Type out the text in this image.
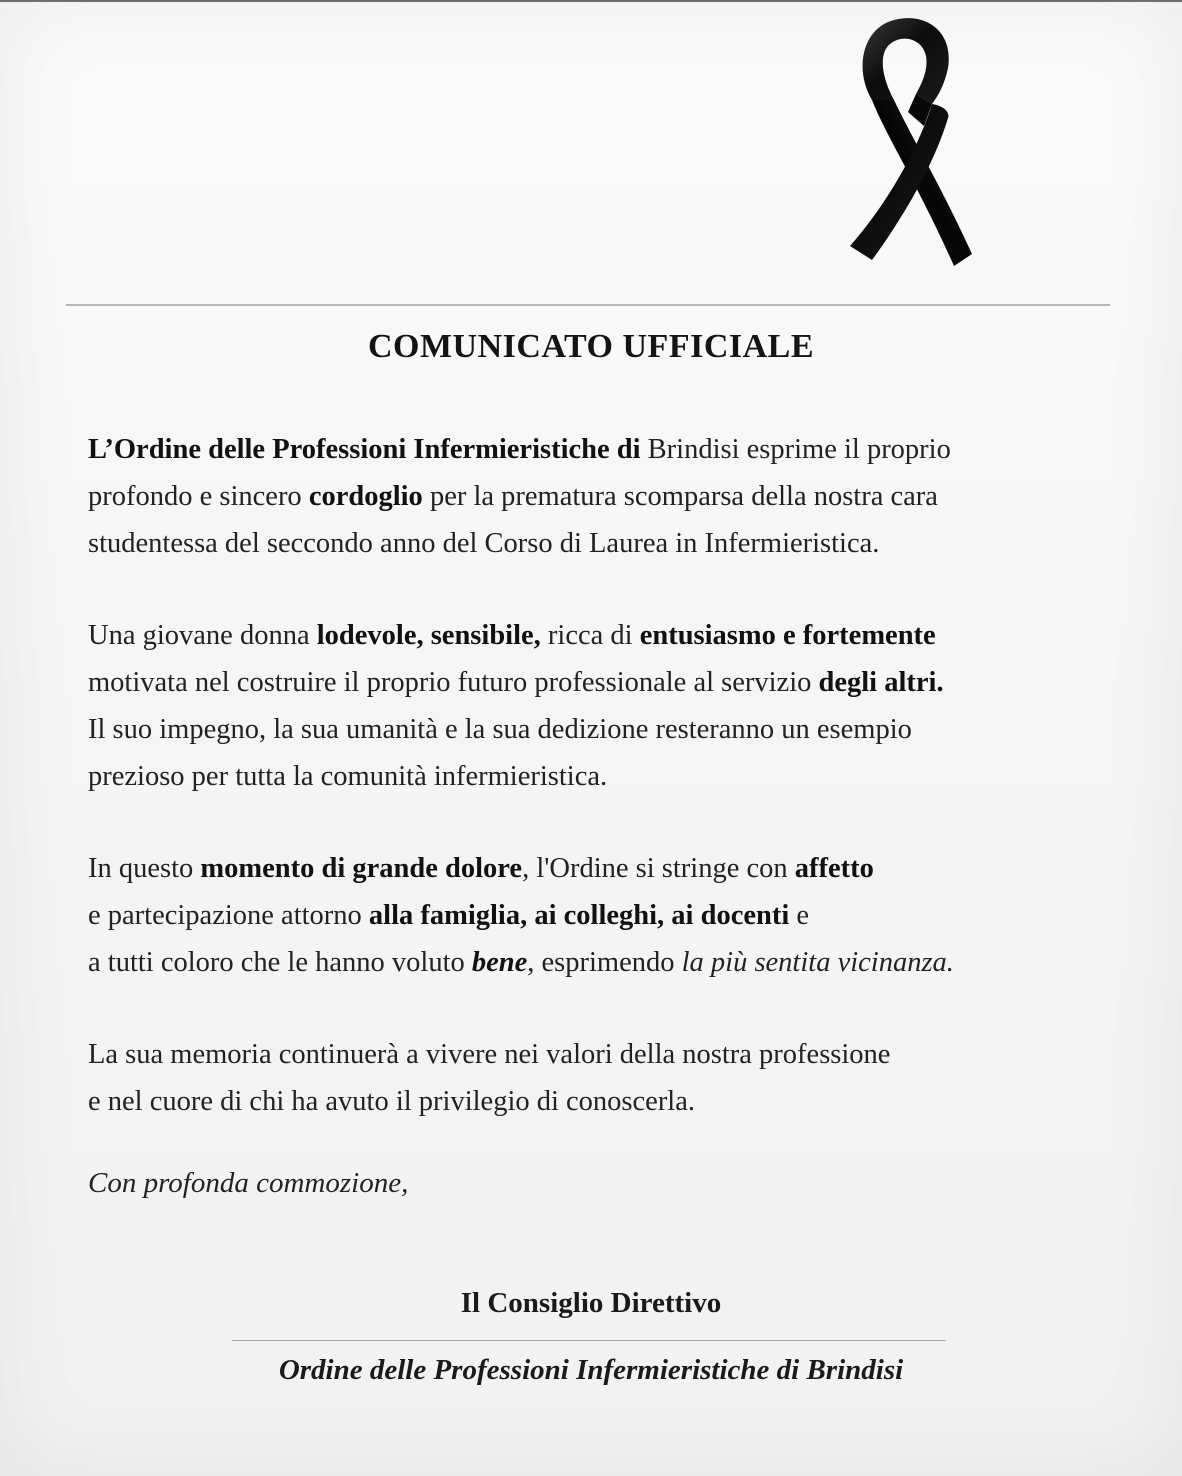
COMUNICATO UFFICIALE
L’Ordine delle Professioni Infermieristiche di Brindisi esprime il proprio
profondo e sincero cordoglio per la prematura scomparsa della nostra cara
studentessa del seccondo anno del Corso di Laurea in Infermieristica.
Una giovane donna lodevole, sensibile, ricca di entusiasmo e fortemente
motivata nel costruire il proprio futuro professionale al servizio degli altri.
Il suo impegno, la sua umanità e la sua dedizione resteranno un esempio
prezioso per tutta la comunità infermieristica.
In questo momento di grande dolore, l'Ordine si stringe con affetto
e partecipazione attorno alla famiglia, ai colleghi, ai docenti e
a tutti coloro che le hanno voluto bene, esprimendo la più sentita vicinanza.
La sua memoria continuerà a vivere nei valori della nostra professione
e nel cuore di chi ha avuto il privilegio di conoscerla.
Con profonda commozione,
Il Consiglio Direttivo
Ordine delle Professioni Infermieristiche di Brindisi
